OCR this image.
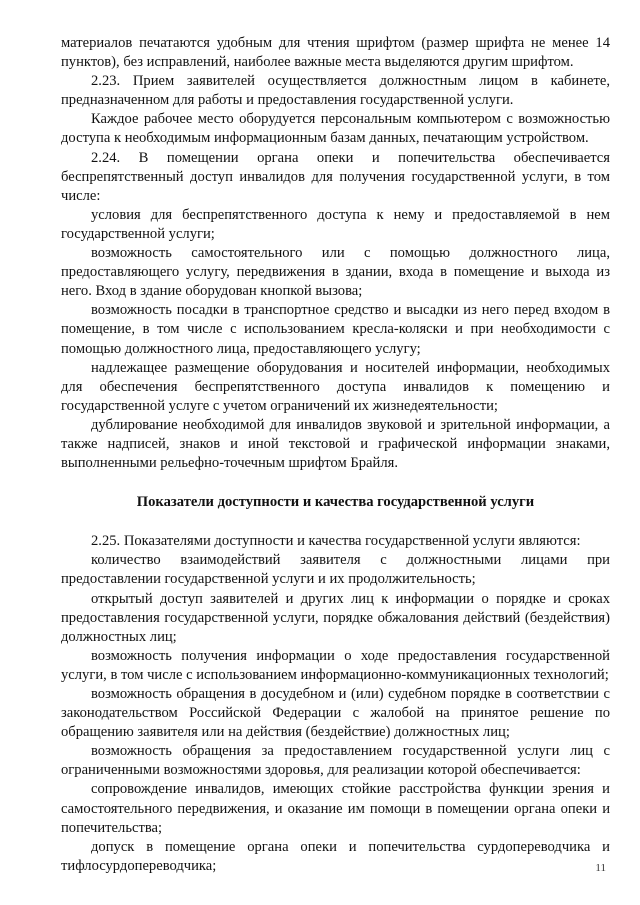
материалов печатаются удобным для чтения шрифтом (размер шрифта не менее 14 пунктов), без исправлений, наиболее важные места выделяются другим шрифтом.

2.23. Прием заявителей осуществляется должностным лицом в кабинете, предназначенном для работы и предоставления государственной услуги.

Каждое рабочее место оборудуется персональным компьютером с возможностью доступа к необходимым информационным базам данных, печатающим устройством.

2.24. В помещении органа опеки и попечительства обеспечивается беспрепятственный доступ инвалидов для получения государственной услуги, в том числе:

условия для беспрепятственного доступа к нему и предоставляемой в нем государственной услуги;

возможность самостоятельного или с помощью должностного лица, предоставляющего услугу, передвижения в здании, входа в помещение и выхода из него. Вход в здание оборудован кнопкой вызова;

возможность посадки в транспортное средство и высадки из него перед входом в помещение, в том числе с использованием кресла-коляски и при необходимости с помощью должностного лица, предоставляющего услугу;

надлежащее размещение оборудования и носителей информации, необходимых для обеспечения беспрепятственного доступа инвалидов к помещению и государственной услуге с учетом ограничений их жизнедеятельности;

дублирование необходимой для инвалидов звуковой и зрительной информации, а также надписей, знаков и иной текстовой и графической информации знаками, выполненными рельефно-точечным шрифтом Брайля.

Показатели доступности и качества государственной услуги

2.25. Показателями доступности и качества государственной услуги являются:

количество взаимодействий заявителя с должностными лицами при предоставлении государственной услуги и их продолжительность;

открытый доступ заявителей и других лиц к информации о порядке и сроках предоставления государственной услуги, порядке обжалования действий (бездействия) должностных лиц;

возможность получения информации о ходе предоставления государственной услуги, в том числе с использованием информационно-коммуникационных технологий;

возможность обращения в досудебном и (или) судебном порядке в соответствии с законодательством Российской Федерации с жалобой на принятое решение по обращению заявителя или на действия (бездействие) должностных лиц;

возможность обращения за предоставлением государственной услуги лиц с ограниченными возможностями здоровья, для реализации которой обеспечивается:

сопровождение инвалидов, имеющих стойкие расстройства функции зрения и самостоятельного передвижения, и оказание им помощи в помещении органа опеки и попечительства;

допуск в помещение органа опеки и попечительства сурдопереводчика и тифлосурдопереводчика;	11
